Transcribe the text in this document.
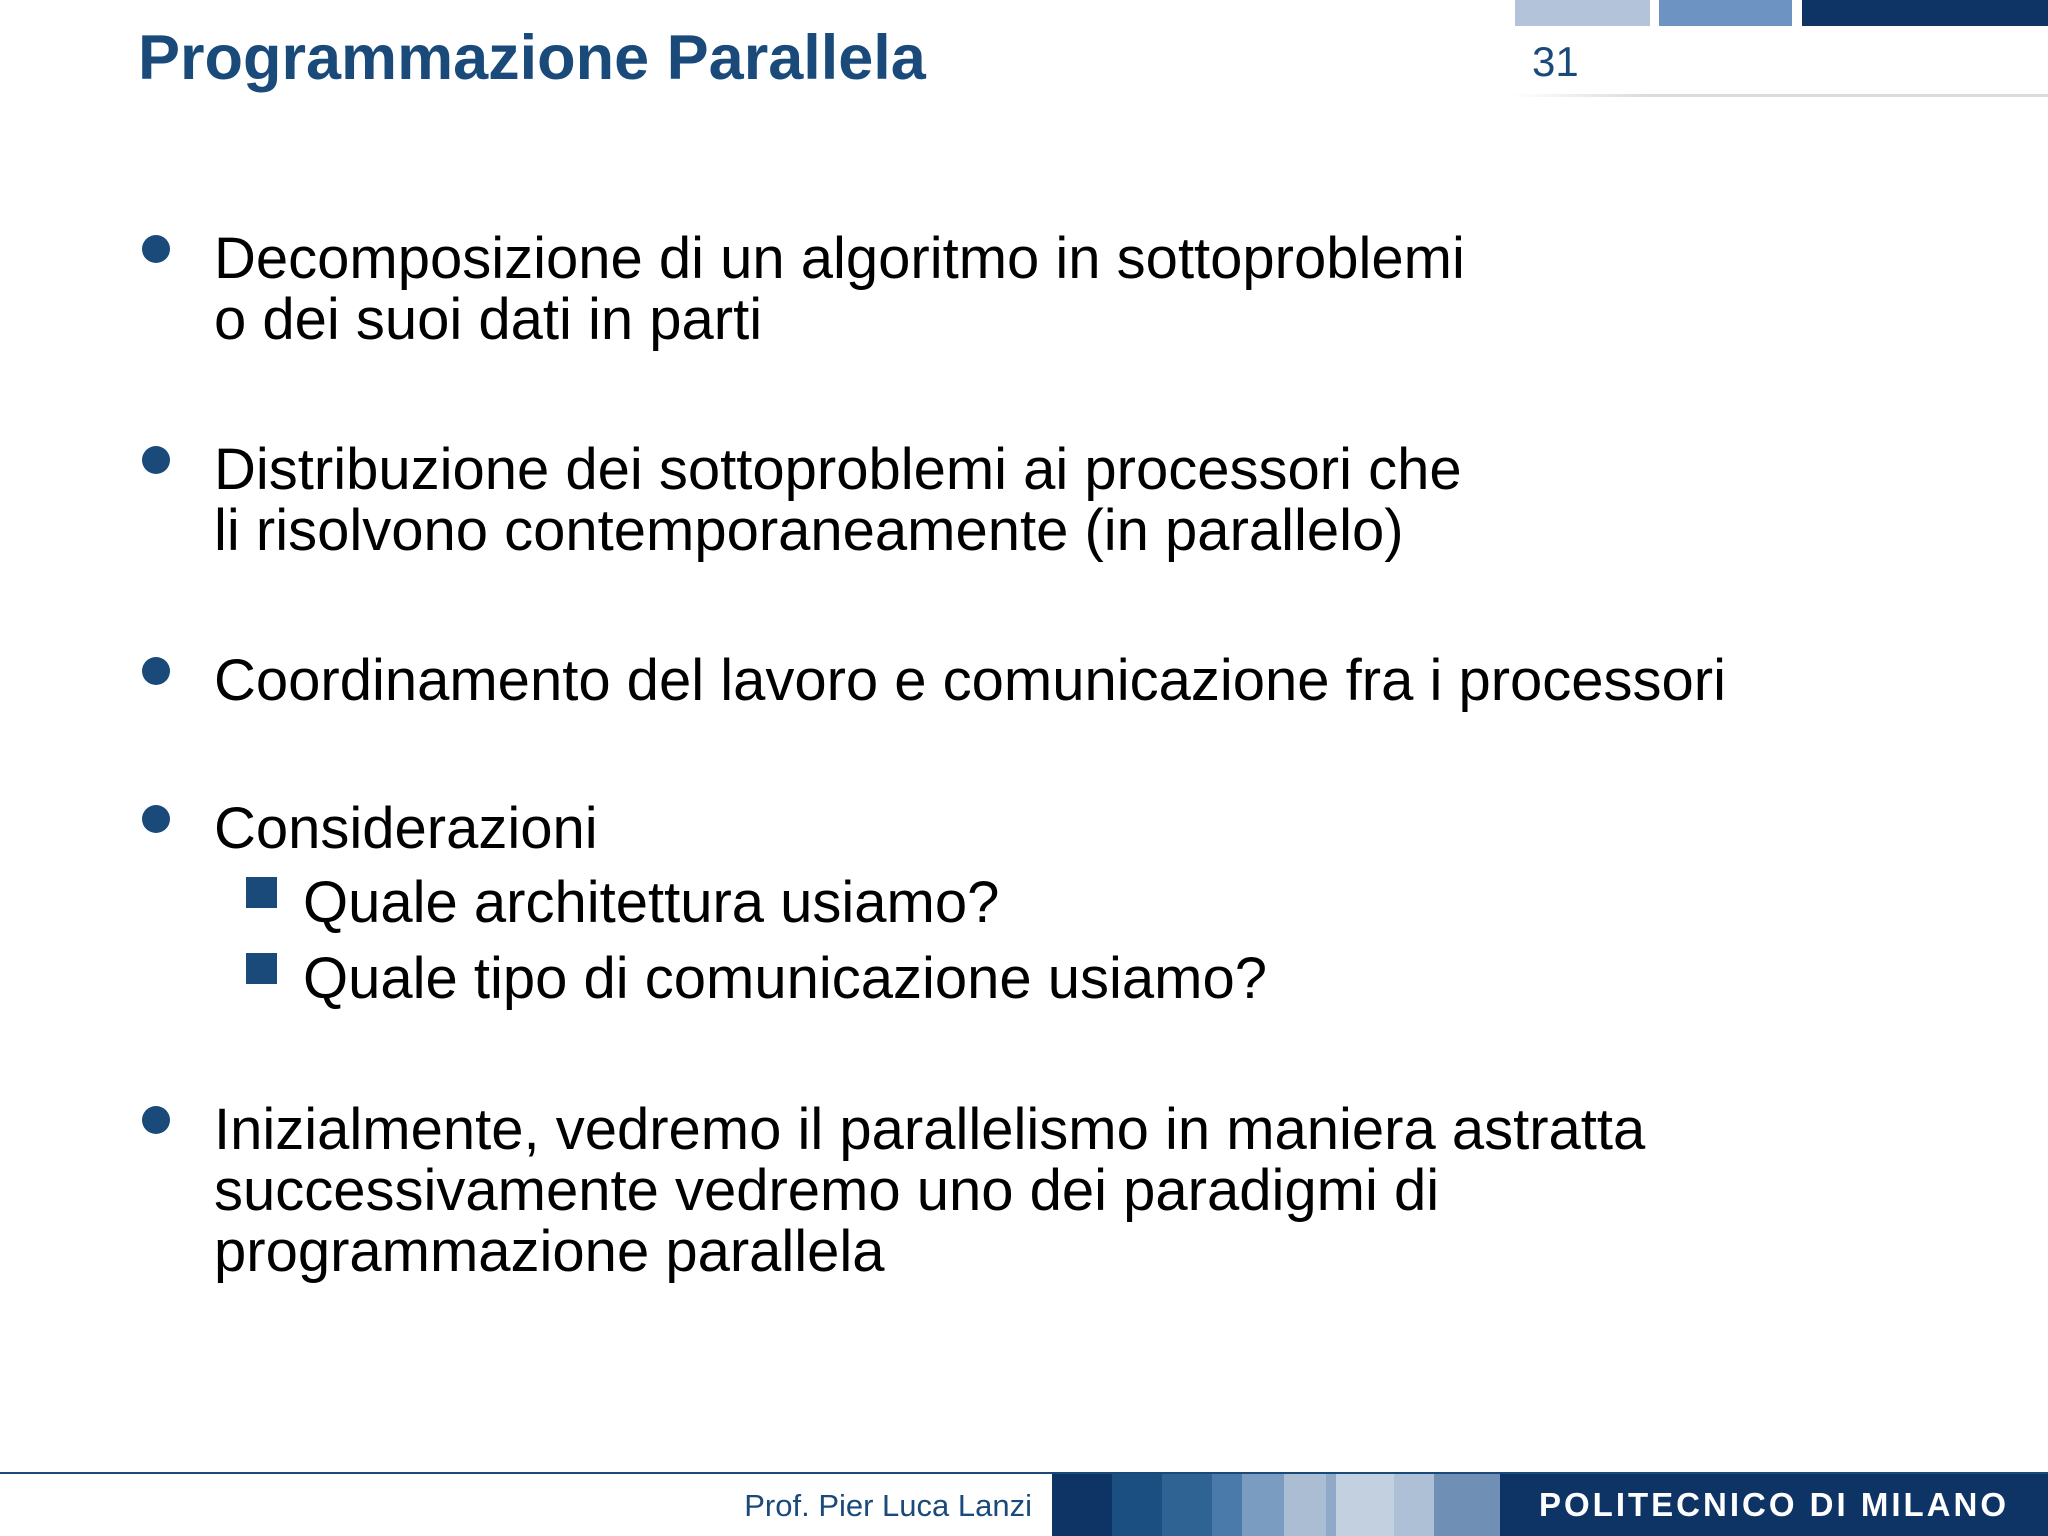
Programmazione Parallela	31
Decomposizione di un algoritmo in sottoproblemi
o dei suoi dati in parti
Distribuzione dei sottoproblemi ai processori che
li risolvono contemporaneamente (in parallelo)
Coordinamento del lavoro e comunicazione fra i processori
Considerazioni
Quale architettura usiamo?
Quale tipo di comunicazione usiamo?
Inizialmente, vedremo il parallelismo in maniera astratta
successivamente vedremo uno dei paradigmi di
programmazione parallela
Prof. Pier Luca Lanzi	POLITECNICO DI MILANO
